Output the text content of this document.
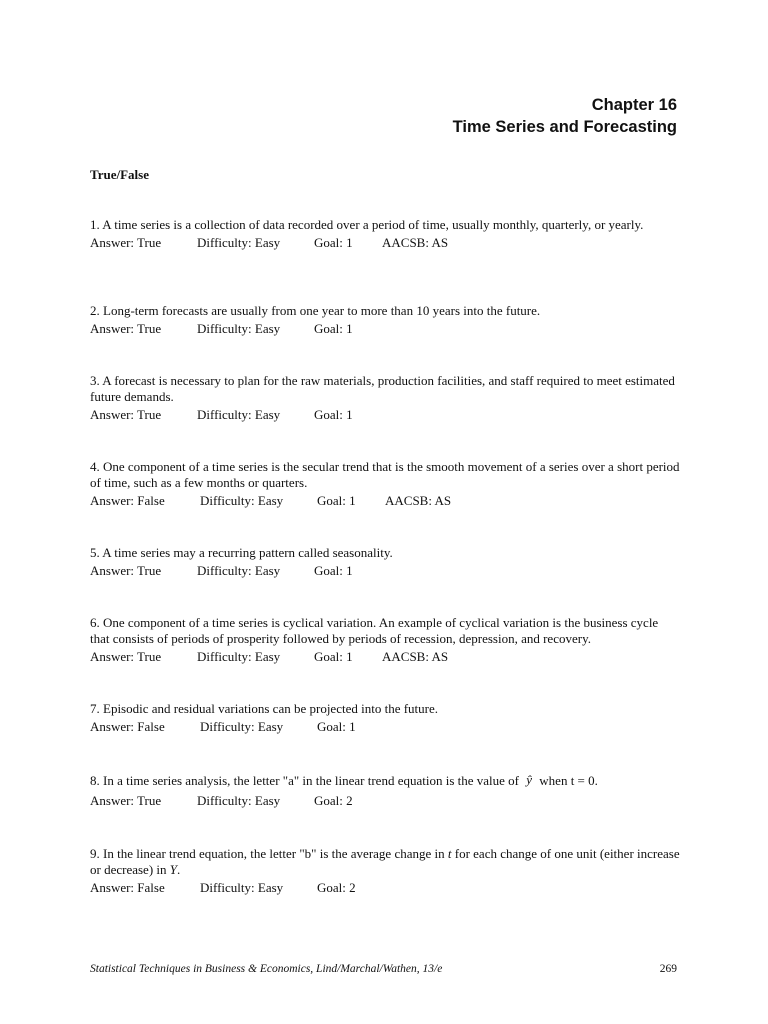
Chapter 16
Time Series and Forecasting
True/False

1. A time series is a collection of data recorded over a period of time, usually monthly, quarterly, or yearly.

Answer: True	Difficulty: Easy	Goal: 1	AACSB: AS

2. Long-term forecasts are usually from one year to more than 10 years into the future.

Answer: True	Difficulty: Easy	Goal: 1

3. A forecast is necessary to plan for the raw materials, production facilities, and staff required to meet estimated future demands.

Answer: True	Difficulty: Easy	Goal: 1

4. One component of a time series is the secular trend that is the smooth movement of a series over a short period of time, such as a few months or quarters.

Answer: False	Difficulty: Easy	Goal: 1	AACSB: AS

5. A time series may a recurring pattern called seasonality.

Answer: True	Difficulty: Easy	Goal: 1

6. One component of a time series is cyclical variation. An example of cyclical variation is the business cycle that consists of periods of prosperity followed by periods of recession, depression, and recovery.

Answer: True	Difficulty: Easy	Goal: 1	AACSB: AS

7. Episodic and residual variations can be projected into the future.

Answer: False	Difficulty: Easy	Goal: 1

8. In a time series analysis, the letter "a" in the linear trend equation is the value of ŷ when t = 0.

Answer: True	Difficulty: Easy	Goal: 2

9. In the linear trend equation, the letter "b" is the average change in t for each change of one unit (either increase or decrease) in Y.

Answer: False	Difficulty: Easy	Goal: 2
Statistical Techniques in Business & Economics, Lind/Marchal/Wathen, 13/e	269
